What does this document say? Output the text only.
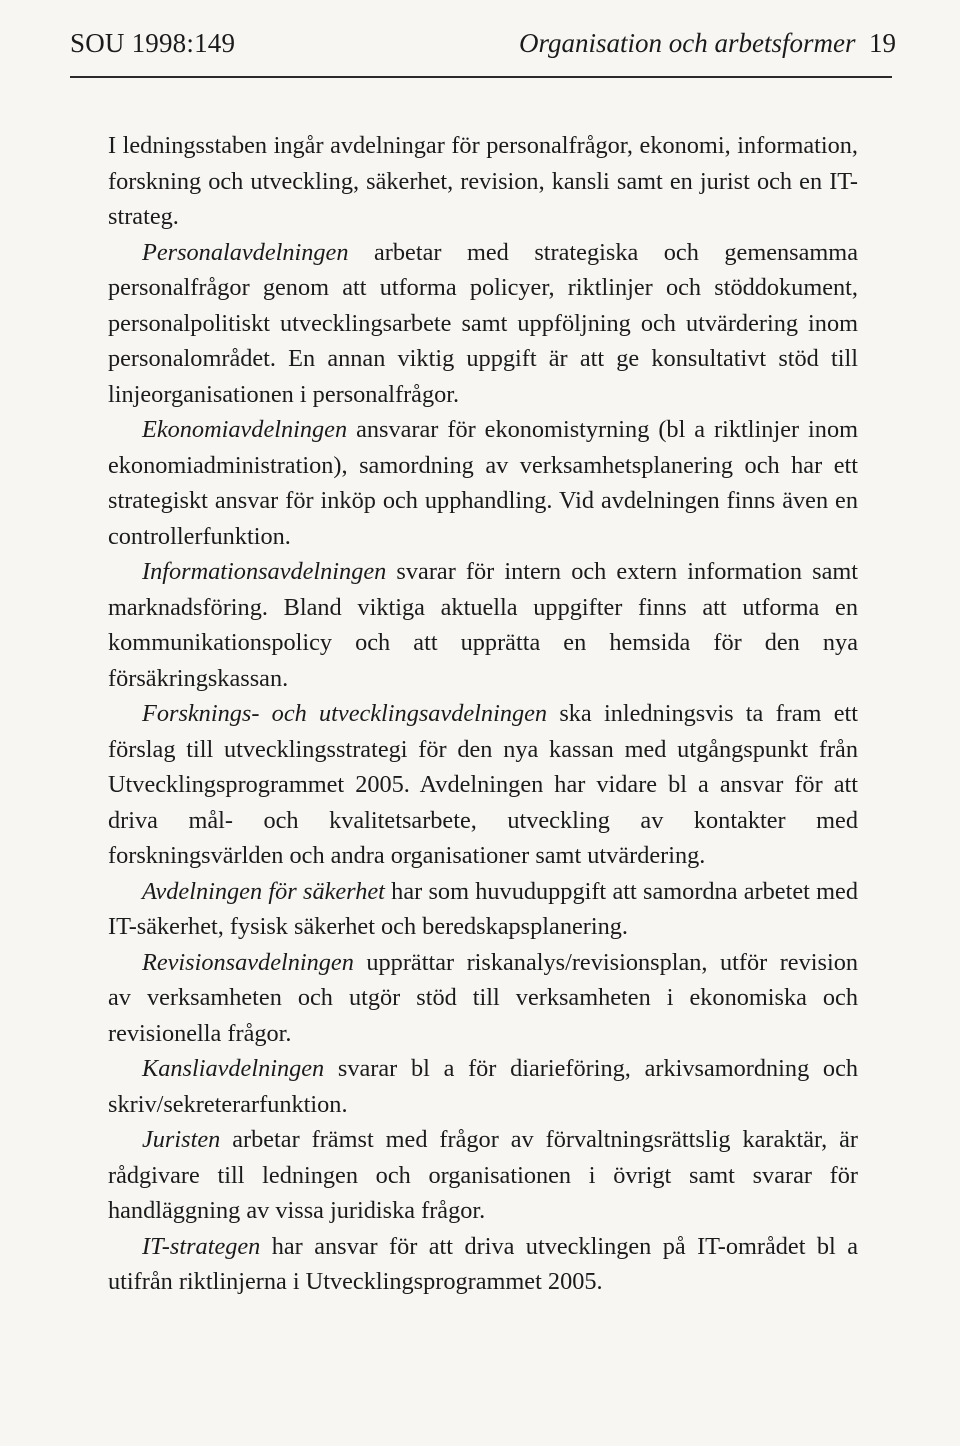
SOU 1998:149	Organisation och arbetsformer 19

I ledningsstaben ingår avdelningar för personalfrågor, ekonomi, information, forskning och utveckling, säkerhet, revision, kansli samt en jurist och en IT-strateg.

Personalavdelningen arbetar med strategiska och gemensamma personalfrågor genom att utforma policyer, riktlinjer och stöddokument, personalpolitiskt utvecklingsarbete samt uppföljning och utvärdering inom personalområdet. En annan viktig uppgift är att ge konsultativt stöd till linjeorganisationen i personalfrågor.

Ekonomiavdelningen ansvarar för ekonomistyrning (bl a riktlinjer inom ekonomiadministration), samordning av verksamhetsplanering och har ett strategiskt ansvar för inköp och upphandling. Vid avdelningen finns även en controllerfunktion.

Informationsavdelningen svarar för intern och extern information samt marknadsföring. Bland viktiga aktuella uppgifter finns att utforma en kommunikationspolicy och att upprätta en hemsida för den nya försäkringskassan.

Forsknings- och utvecklingsavdelningen ska inledningsvis ta fram ett förslag till utvecklingsstrategi för den nya kassan med utgångspunkt från Utvecklingsprogrammet 2005. Avdelningen har vidare bl a ansvar för att driva mål- och kvalitetsarbete, utveckling av kontakter med forskningsvärlden och andra organisationer samt utvärdering.

Avdelningen för säkerhet har som huvuduppgift att samordna arbetet med IT-säkerhet, fysisk säkerhet och beredskapsplanering.

Revisionsavdelningen upprättar riskanalys/revisionsplan, utför revision av verksamheten och utgör stöd till verksamheten i ekonomiska och revisionella frågor.

Kansliavdelningen svarar bl a för diarieföring, arkivsamordning och skriv/sekreterarfunktion.

Juristen arbetar främst med frågor av förvaltningsrättslig karaktär, är rådgivare till ledningen och organisationen i övrigt samt svarar för handläggning av vissa juridiska frågor.

IT-strategen har ansvar för att driva utvecklingen på IT-området bl a utifrån riktlinjerna i Utvecklingsprogrammet 2005.
